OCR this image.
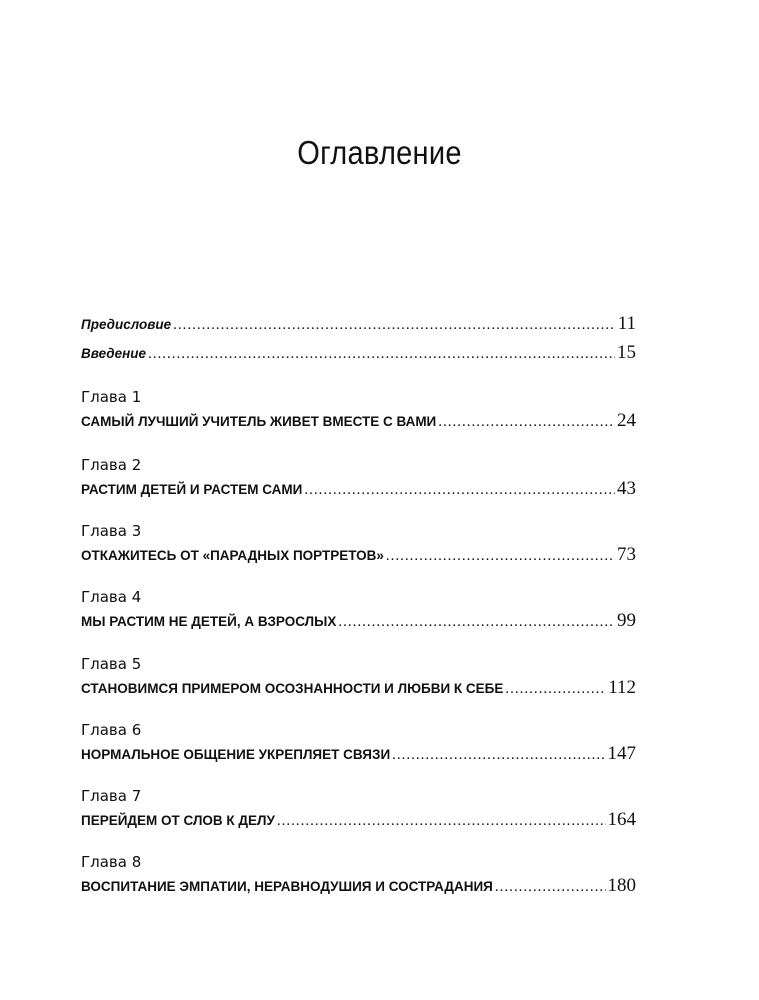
Оглавление
Предисловие .....	11
Введение .....	15
Глава 1
САМЫЙ ЛУЧШИЙ УЧИТЕЛЬ ЖИВЕТ ВМЕСТЕ С ВАМИ .....	24
Глава 2
РАСТИМ ДЕТЕЙ И РАСТЕМ САМИ .....	43
Глава 3
ОТКАЖИТЕСЬ ОТ «ПАРАДНЫХ ПОРТРЕТОВ» .....	73
Глава 4
МЫ РАСТИМ НЕ ДЕТЕЙ, А ВЗРОСЛЫХ .....	99
Глава 5
СТАНОВИМСЯ ПРИМЕРОМ ОСОЗНАННОСТИ И ЛЮБВИ К СЕБЕ .....	112
Глава 6
НОРМАЛЬНОЕ ОБЩЕНИЕ УКРЕПЛЯЕТ СВЯЗИ .....	147
Глава 7
ПЕРЕЙДЕМ ОТ СЛОВ К ДЕЛУ .....	164
Глава 8
ВОСПИТАНИЕ ЭМПАТИИ, НЕРАВНОДУШИЯ И СОСТРАДАНИЯ .....	180
